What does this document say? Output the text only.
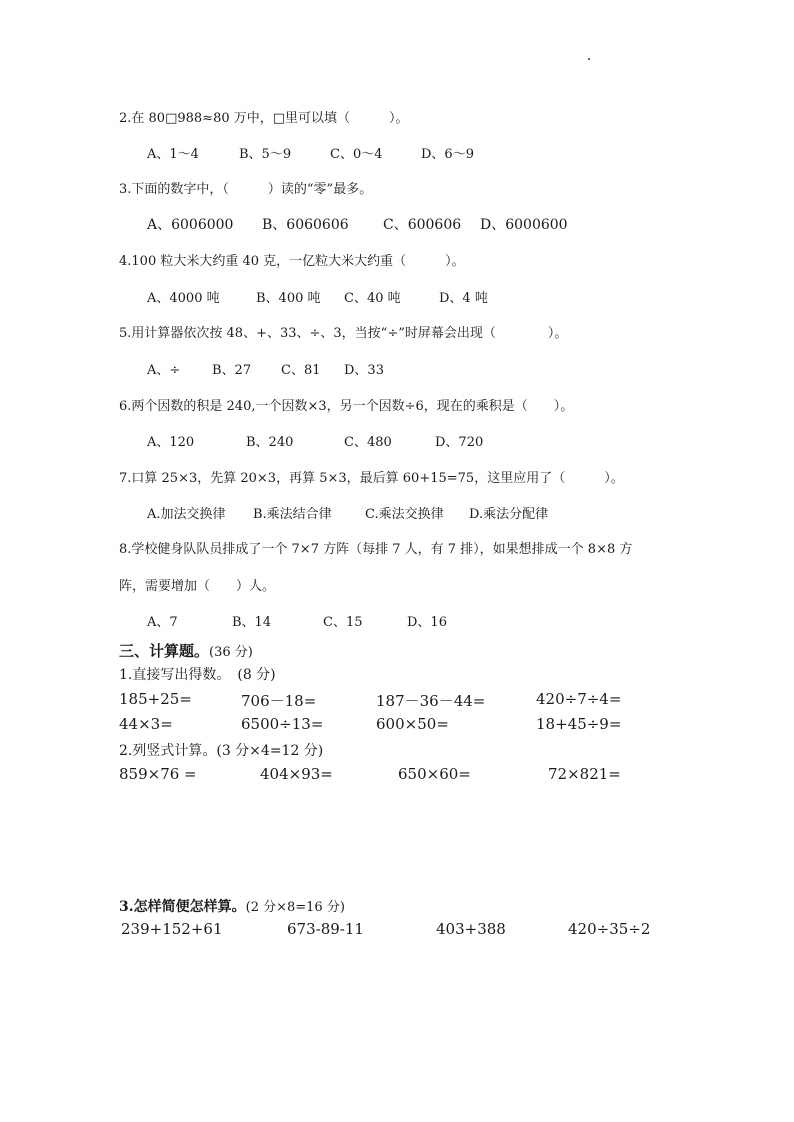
2.在 80□988≈80 万中，□里可以填（　　　）。
A、1～4	B、5～9	C、0～4	D、6～9
3.下面的数字中，（　　　）读的“零”最多。
A、6006000 B、6060606 C、600606 D、6000600
4.100 粒大米大约重 40 克，一亿粒大米大约重（　　　）。
A、4000 吨	B、400 吨 C、40 吨	D、4 吨
5.用计算器依次按 48、+、33、÷、3，当按“÷”时屏幕会出现（　　　　）。
A、÷ B、27 C、81 D、33
6.两个因数的积是 240,一个因数×3，另一个因数÷6，现在的乘积是（　　）。
A、120	B、240	C、480	D、720
7.口算 25×3，先算 20×3，再算 5×3，最后算 60+15=75，这里应用了（　　　）。
A.加法交换律 B.乘法结合律	C.乘法交换律 D.乘法分配律
8.学校健身队队员排成了一个 7×7 方阵（每排 7 人，有 7 排），如果想排成一个 8×8 方
阵，需要增加（　　）人。
A、7	B、14	C、15	D、16
三、计算题。(36 分)
1.直接写出得数。　(8 分)
185+25=	706－18=	187－36－44=	420÷7÷4=
44×3=	6500÷13=	600×50=	18+45÷9=
2.列竖式计算。(3 分×4=12 分)
859×76 =	404×93=	650×60=	72×821=
3.怎样简便怎样算。(2 分×8=16 分)
239+152+61	673-89-11	403+388	420÷35÷2
